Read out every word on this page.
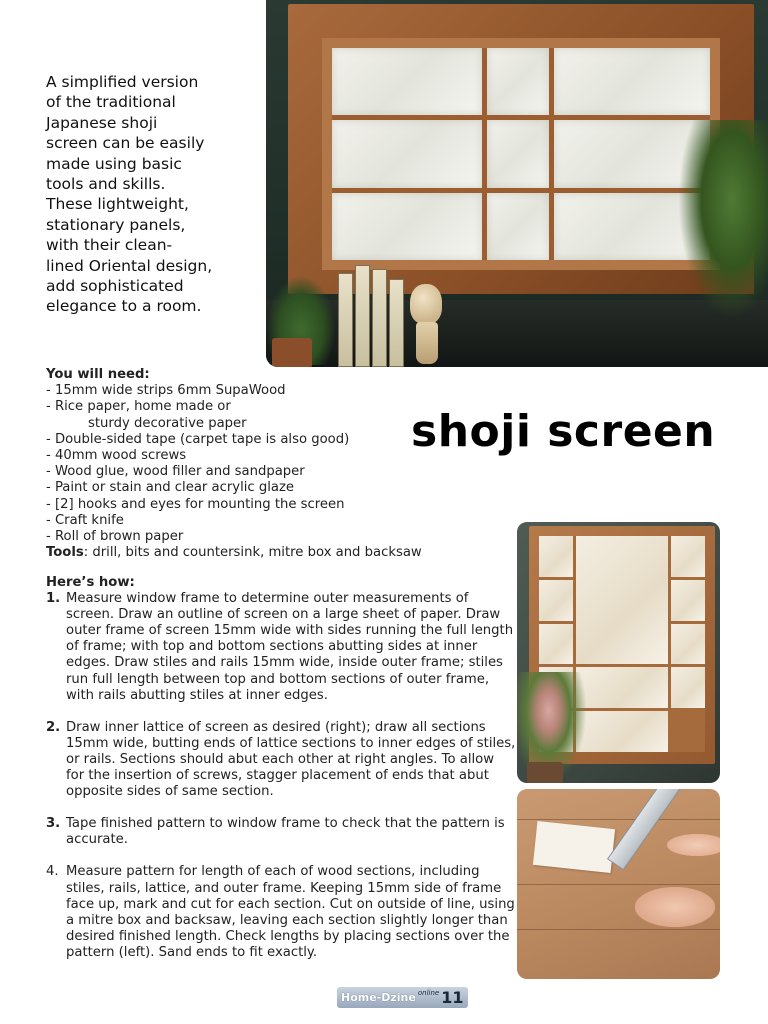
A simplified version
of the traditional
Japanese shoji
screen can be easily
made using basic
tools and skills.
These lightweight,
stationary panels,
with their clean-
lined Oriental design,
add sophisticated
elegance to a room.
shoji screen
You will need:
- 15mm wide strips 6mm SupaWood
- Rice paper, home made or
sturdy decorative paper
- Double-sided tape (carpet tape is also good)
- 40mm wood screws
- Wood glue, wood filler and sandpaper
- Paint or stain and clear acrylic glaze
- [2] hooks and eyes for mounting the screen
- Craft knife
- Roll of brown paper
Tools: drill, bits and countersink, mitre box and backsaw
Here’s how:
1. Measure window frame to determine outer measurements of screen. Draw an outline of screen on a large sheet of paper. Draw outer frame of screen 15mm wide with sides running the full length of frame; with top and bottom sections abutting sides at inner edges. Draw stiles and rails 15mm wide, inside outer frame; stiles run full length between top and bottom sections of outer frame, with rails abutting stiles at inner edges.
2. Draw inner lattice of screen as desired (right); draw all sections 15mm wide, butting ends of lattice sections to inner edges of stiles, or rails. Sections should abut each other at right angles. To allow for the insertion of screws, stagger placement of ends that abut opposite sides of same section.
3. Tape finished pattern to window frame to check that the pattern is accurate.
4. Measure pattern for length of each of wood sections, including stiles, rails, lattice, and outer frame. Keeping 15mm side of frame face up, mark and cut for each section. Cut on outside of line, using a mitre box and backsaw, leaving each section slightly longer than desired finished length. Check lengths by placing sections over the pattern (left). Sand ends to fit exactly.
Home-Dzine online 11
